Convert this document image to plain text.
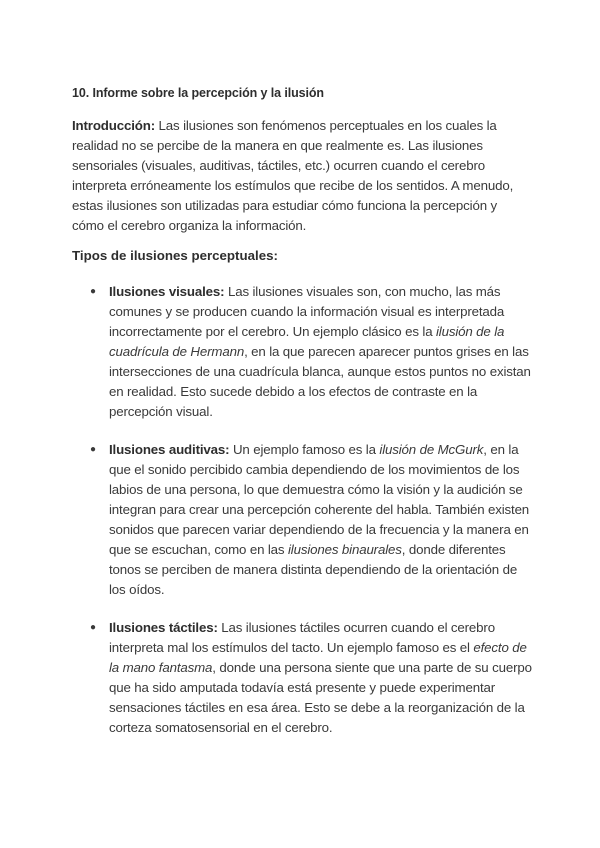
10. Informe sobre la percepción y la ilusión

Introducción: Las ilusiones son fenómenos perceptuales en los cuales la realidad no se percibe de la manera en que realmente es. Las ilusiones sensoriales (visuales, auditivas, táctiles, etc.) ocurren cuando el cerebro interpreta erróneamente los estímulos que recibe de los sentidos. A menudo, estas ilusiones son utilizadas para estudiar cómo funciona la percepción y cómo el cerebro organiza la información.

Tipos de ilusiones perceptuales:
● Ilusiones visuales: Las ilusiones visuales son, con mucho, las más comunes y se producen cuando la información visual es interpretada incorrectamente por el cerebro. Un ejemplo clásico es la ilusión de la cuadrícula de Hermann, en la que parecen aparecer puntos grises en las intersecciones de una cuadrícula blanca, aunque estos puntos no existan en realidad. Esto sucede debido a los efectos de contraste en la percepción visual.
● Ilusiones auditivas: Un ejemplo famoso es la ilusión de McGurk, en la que el sonido percibido cambia dependiendo de los movimientos de los labios de una persona, lo que demuestra cómo la visión y la audición se integran para crear una percepción coherente del habla. También existen sonidos que parecen variar dependiendo de la frecuencia y la manera en que se escuchan, como en las ilusiones binaurales, donde diferentes tonos se perciben de manera distinta dependiendo de la orientación de los oídos.
● Ilusiones táctiles: Las ilusiones táctiles ocurren cuando el cerebro interpreta mal los estímulos del tacto. Un ejemplo famoso es el efecto de la mano fantasma, donde una persona siente que una parte de su cuerpo que ha sido amputada todavía está presente y puede experimentar sensaciones táctiles en esa área. Esto se debe a la reorganización de la corteza somatosensorial en el cerebro.
